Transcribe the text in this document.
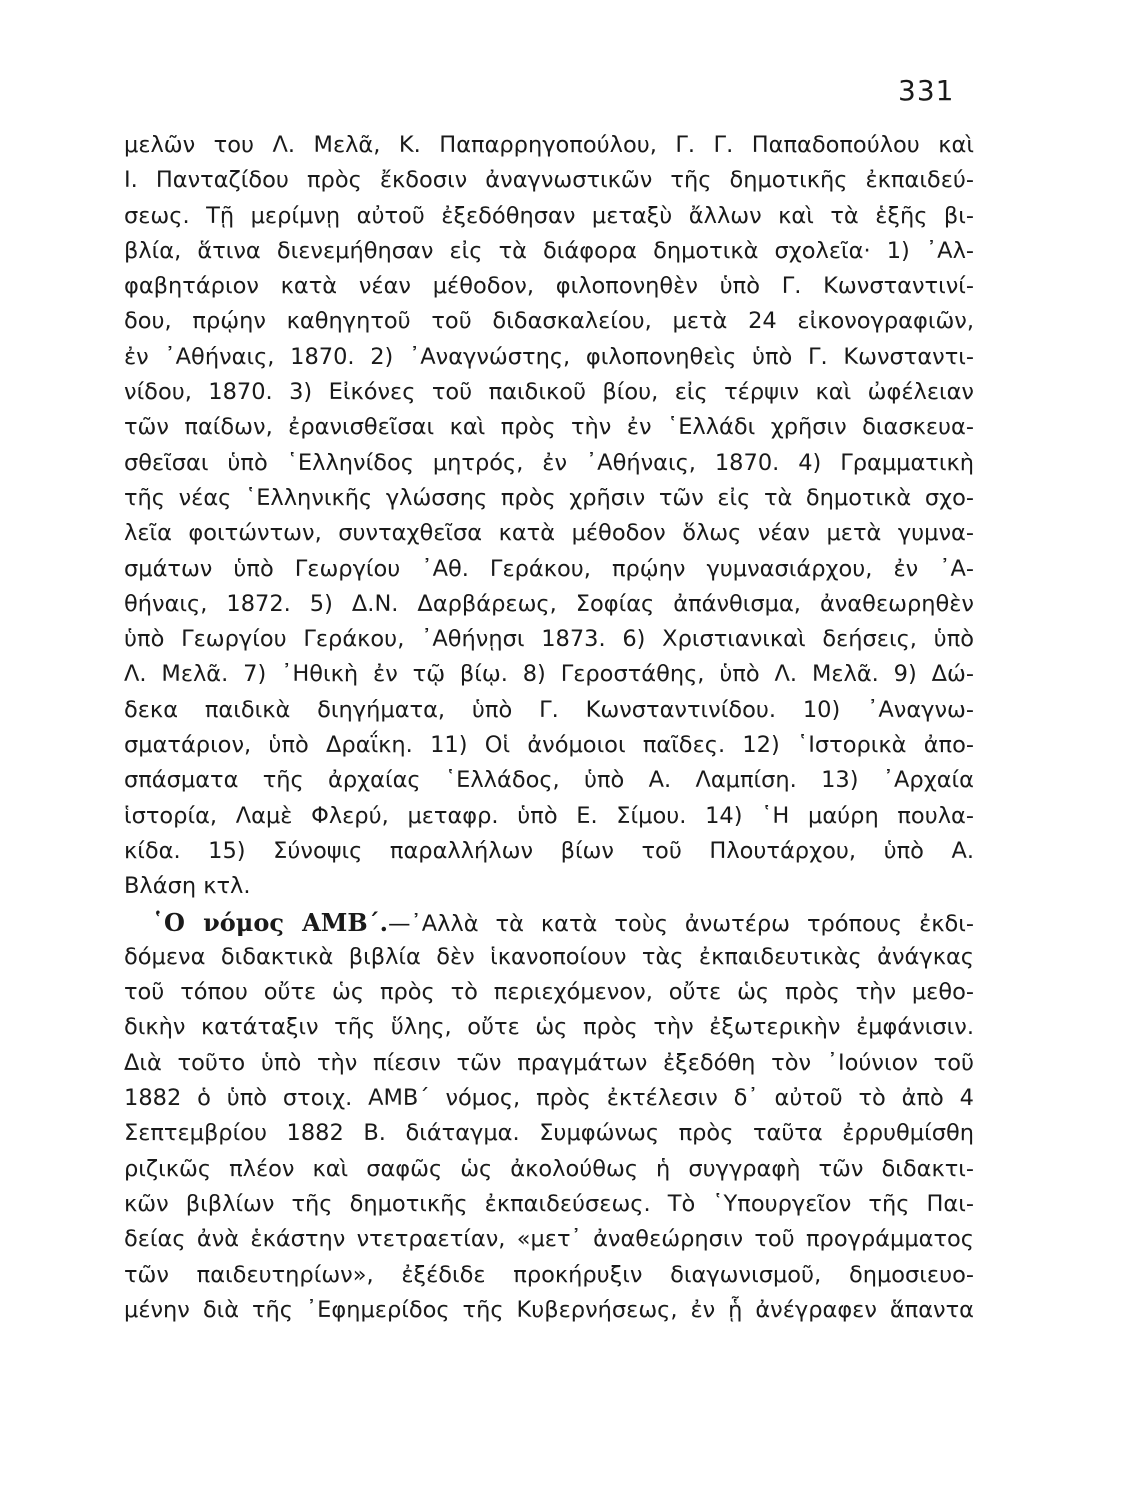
331
μελῶν του Λ. Μελᾶ, Κ. Παπαρρηγοπούλου, Γ. Γ. Παπαδοπούλου καὶ
Ι. Πανταζίδου πρὸς ἔκδοσιν ἀναγνωστικῶν τῆς δημοτικῆς ἐκπαιδεύ-
σεως. Τῇ μερίμνῃ αὐτοῦ ἐξεδόθησαν μεταξὺ ἄλλων καὶ τὰ ἑξῆς βι-
βλία, ἅτινα διενεμήθησαν εἰς τὰ διάφορα δημοτικὰ σχολεῖα· 1) ᾿Αλ-
φαβητάριον κατὰ νέαν μέθοδον, φιλοπονηθὲν ὑπὸ Γ. Κωνσταντινί-
δου, πρῴην καθηγητοῦ τοῦ διδασκαλείου, μετὰ 24 εἰκονογραφιῶν,
ἐν ᾿Αθήναις, 1870. 2) ᾿Αναγνώστης, φιλοπονηθεὶς ὑπὸ Γ. Κωνσταντι-
νίδου, 1870. 3) Εἰκόνες τοῦ παιδικοῦ βίου, εἰς τέρψιν καὶ ὠφέλειαν
τῶν παίδων, ἐρανισθεῖσαι καὶ πρὸς τὴν ἐν ῾Ελλάδι χρῆσιν διασκευα-
σθεῖσαι ὑπὸ ῾Ελληνίδος μητρός, ἐν ᾿Αθήναις, 1870. 4) Γραμματικὴ
τῆς νέας ῾Ελληνικῆς γλώσσης πρὸς χρῆσιν τῶν εἰς τὰ δημοτικὰ σχο-
λεῖα φοιτώντων, συνταχθεῖσα κατὰ μέθοδον ὅλως νέαν μετὰ γυμνα-
σμάτων ὑπὸ Γεωργίου ᾿Αθ. Γεράκου, πρῴην γυμνασιάρχου, ἐν ᾿Α-
θήναις, 1872. 5) Δ.Ν. Δαρβάρεως, Σοφίας ἀπάνθισμα, ἀναθεωρηθὲν
ὑπὸ Γεωργίου Γεράκου, ᾿Αθήνῃσι 1873. 6) Χριστιανικαὶ δεήσεις, ὑπὸ
Λ. Μελᾶ. 7) ᾿Ηθικὴ ἐν τῷ βίῳ. 8) Γεροστάθης, ὑπὸ Λ. Μελᾶ. 9) Δώ-
δεκα παιδικὰ διηγήματα, ὑπὸ Γ. Κωνσταντινίδου. 10) ᾿Αναγνω-
σματάριον, ὑπὸ Δραΐκη. 11) Οἱ ἀνόμοιοι παῖδες. 12) ῾Ιστορικὰ ἀπο-
σπάσματα τῆς ἀρχαίας ῾Ελλάδος, ὑπὸ Α. Λαμπίση. 13) ᾿Αρχαία
ἱστορία, Λαμὲ Φλερύ, μεταφρ. ὑπὸ Ε. Σίμου. 14) ῾Η μαύρη πουλα-
κίδα. 15) Σύνοψις παραλλήλων βίων τοῦ Πλουτάρχου, ὑπὸ Α.
Βλάση κτλ.
῾Ο νόμος ΑΜΒ΄.—᾿Αλλὰ τὰ κατὰ τοὺς ἀνωτέρω τρόπους ἐκδι-
δόμενα διδακτικὰ βιβλία δὲν ἱκανοποίουν τὰς ἐκπαιδευτικὰς ἀνάγκας
τοῦ τόπου οὔτε ὡς πρὸς τὸ περιεχόμενον, οὔτε ὡς πρὸς τὴν μεθο-
δικὴν κατάταξιν τῆς ὕλης, οὔτε ὡς πρὸς τὴν ἐξωτερικὴν ἐμφάνισιν.
Διὰ τοῦτο ὑπὸ τὴν πίεσιν τῶν πραγμάτων ἐξεδόθη τὸν ᾿Ιούνιον τοῦ
1882 ὁ ὑπὸ στοιχ. ΑΜΒ΄ νόμος, πρὸς ἐκτέλεσιν δ᾿ αὐτοῦ τὸ ἀπὸ 4
Σεπτεμβρίου 1882 Β. διάταγμα. Συμφώνως πρὸς ταῦτα ἐρρυθμίσθη
ριζικῶς πλέον καὶ σαφῶς ὡς ἀκολούθως ἡ συγγραφὴ τῶν διδακτι-
κῶν βιβλίων τῆς δημοτικῆς ἐκπαιδεύσεως. Τὸ ῾Υπουργεῖον τῆς Παι-
δείας ἀνὰ ἑκάστην ντετραετίαν, «μετ᾿ ἀναθεώρησιν τοῦ προγράμματος
τῶν παιδευτηρίων», ἐξέδιδε προκήρυξιν διαγωνισμοῦ, δημοσιευο-
μένην διὰ τῆς ᾿Εφημερίδος τῆς Κυβερνήσεως, ἐν ᾗ ἀνέγραφεν ἅπαντα
